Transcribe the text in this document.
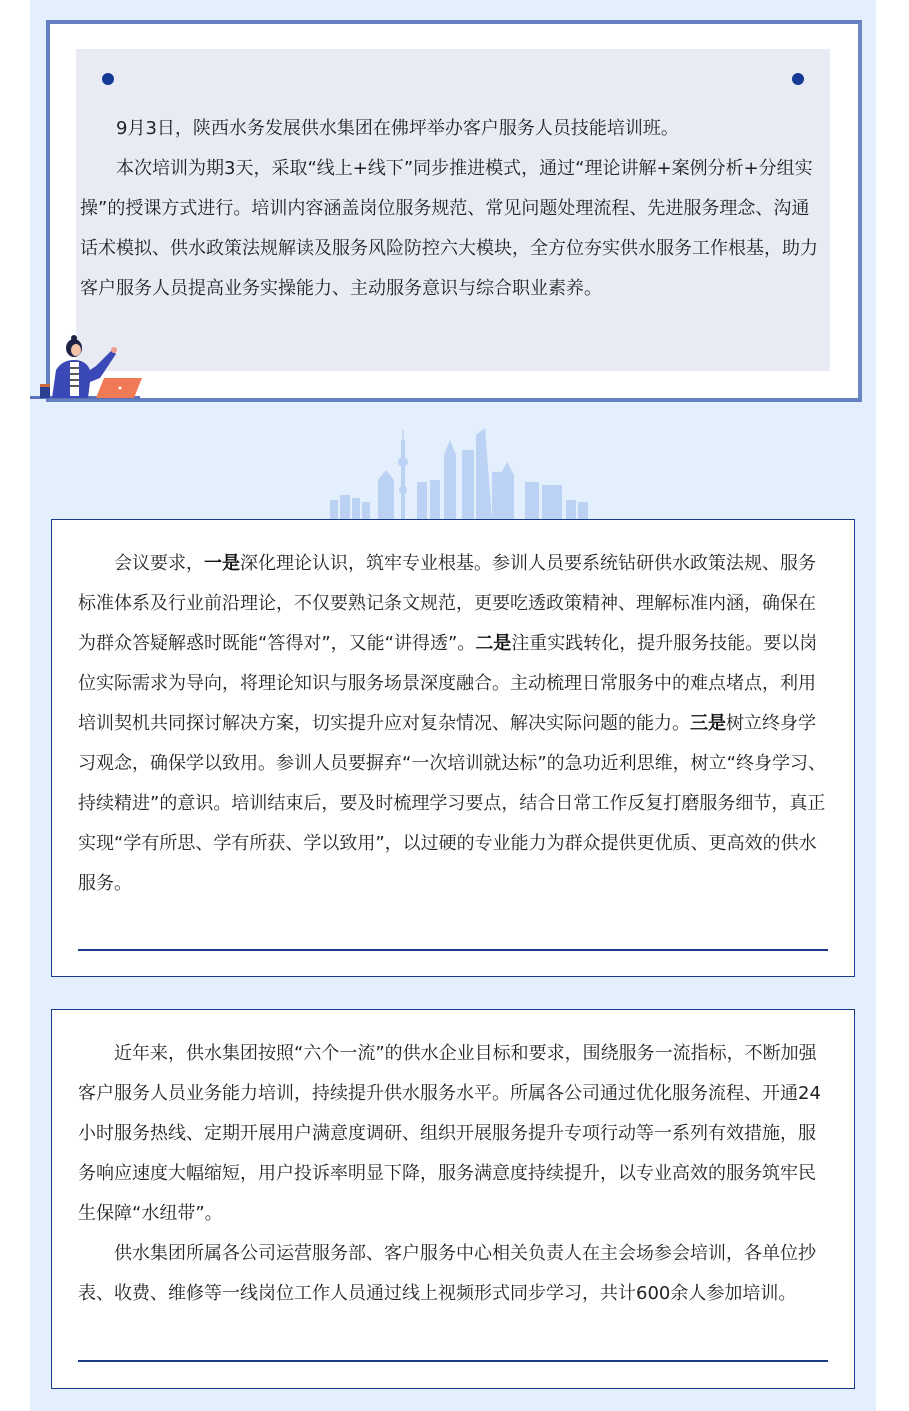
9月3日，陕西水务发展供水集团在佛坪举办客户服务人员技能培训班。

本次培训为期3天，采取“线上+线下”同步推进模式，通过“理论讲解+案例分析+分组实操”的授课方式进行。培训内容涵盖岗位服务规范、常见问题处理流程、先进服务理念、沟通话术模拟、供水政策法规解读及服务风险防控六大模块，全方位夯实供水服务工作根基，助力客户服务人员提高业务实操能力、主动服务意识与综合职业素养。

会议要求，一是深化理论认识，筑牢专业根基。参训人员要系统钻研供水政策法规、服务标准体系及行业前沿理论，不仅要熟记条文规范，更要吃透政策精神、理解标准内涵，确保在为群众答疑解惑时既能“答得对”，又能“讲得透”。二是注重实践转化，提升服务技能。要以岗位实际需求为导向，将理论知识与服务场景深度融合。主动梳理日常服务中的难点堵点，利用培训契机共同探讨解决方案，切实提升应对复杂情况、解决实际问题的能力。三是树立终身学习观念，确保学以致用。参训人员要摒弃“一次培训就达标”的急功近利思维，树立“终身学习、持续精进”的意识。培训结束后，要及时梳理学习要点，结合日常工作反复打磨服务细节，真正实现“学有所思、学有所获、学以致用”，以过硬的专业能力为群众提供更优质、更高效的供水服务。

近年来，供水集团按照“六个一流”的供水企业目标和要求，围绕服务一流指标，不断加强客户服务人员业务能力培训，持续提升供水服务水平。所属各公司通过优化服务流程、开通24小时服务热线、定期开展用户满意度调研、组织开展服务提升专项行动等一系列有效措施，服务响应速度大幅缩短，用户投诉率明显下降，服务满意度持续提升，以专业高效的服务筑牢民生保障“水纽带”。

供水集团所属各公司运营服务部、客户服务中心相关负责人在主会场参会培训，各单位抄表、收费、维修等一线岗位工作人员通过线上视频形式同步学习，共计600余人参加培训。
